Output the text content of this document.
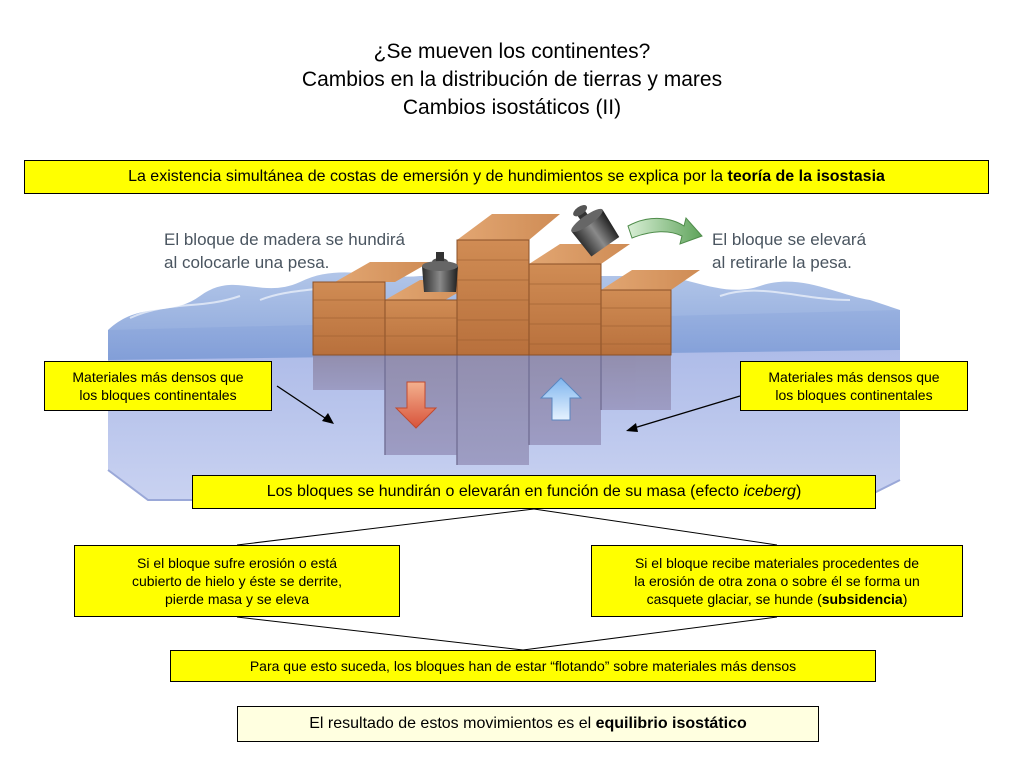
¿Se mueven los continentes?
Cambios en la distribución de tierras y mares
Cambios isostáticos (II)
La existencia simultánea de costas de emersión y de hundimientos se explica por la teoría de la isostasia
El bloque de madera se hundirá
al colocarle una pesa.
El bloque se elevará
al retirarle la pesa.
Materiales más densos que
los bloques continentales
Materiales más densos que
los bloques continentales
Los bloques se hundirán o elevarán en función de su masa (efecto iceberg)
Si el bloque sufre erosión o está
cubierto de hielo y éste se derrite,
pierde masa y se eleva
Si el bloque recibe materiales procedentes de
la erosión de otra zona o sobre él se forma un
casquete glaciar, se hunde (subsidencia)
Para que esto suceda, los bloques han de estar “flotando” sobre materiales más densos
El resultado de estos movimientos es el equilibrio isostático
